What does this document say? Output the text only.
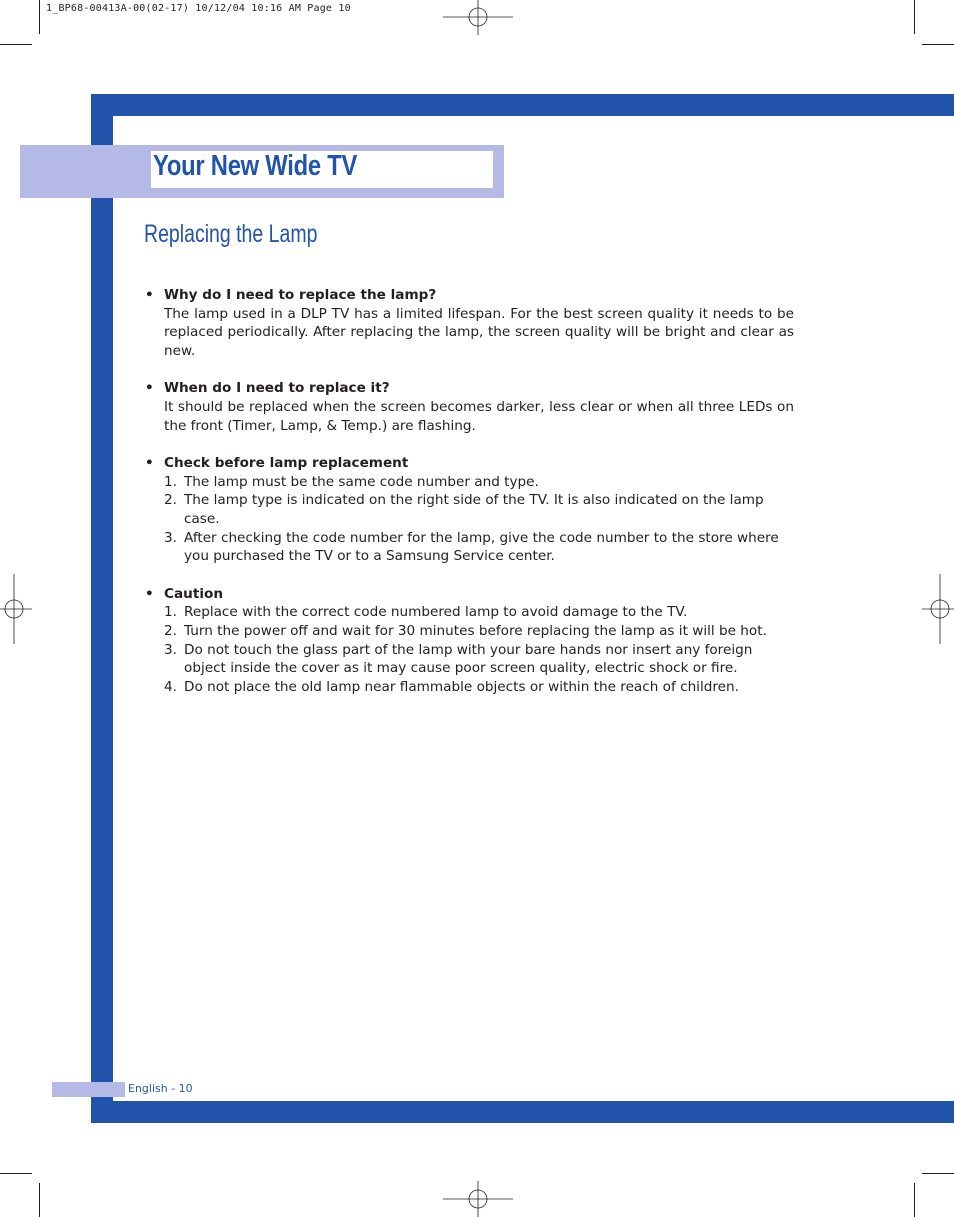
1_BP68-00413A-00(02-17) 10/12/04 10:16 AM Page 10
Your New Wide TV
Replacing the Lamp
• Why do I need to replace the lamp?
The lamp used in a DLP TV has a limited lifespan. For the best screen quality it needs to be replaced periodically. After replacing the lamp, the screen quality will be bright and clear as new.
• When do I need to replace it?
It should be replaced when the screen becomes darker, less clear or when all three LEDs on the front (Timer, Lamp, & Temp.) are flashing.
• Check before lamp replacement
1. The lamp must be the same code number and type.
2. The lamp type is indicated on the right side of the TV. It is also indicated on the lamp case.
3. After checking the code number for the lamp, give the code number to the store where you purchased the TV or to a Samsung Service center.
• Caution
1. Replace with the correct code numbered lamp to avoid damage to the TV.
2. Turn the power off and wait for 30 minutes before replacing the lamp as it will be hot.
3. Do not touch the glass part of the lamp with your bare hands nor insert any foreign object inside the cover as it may cause poor screen quality, electric shock or fire.
4. Do not place the old lamp near flammable objects or within the reach of children.
English - 10
